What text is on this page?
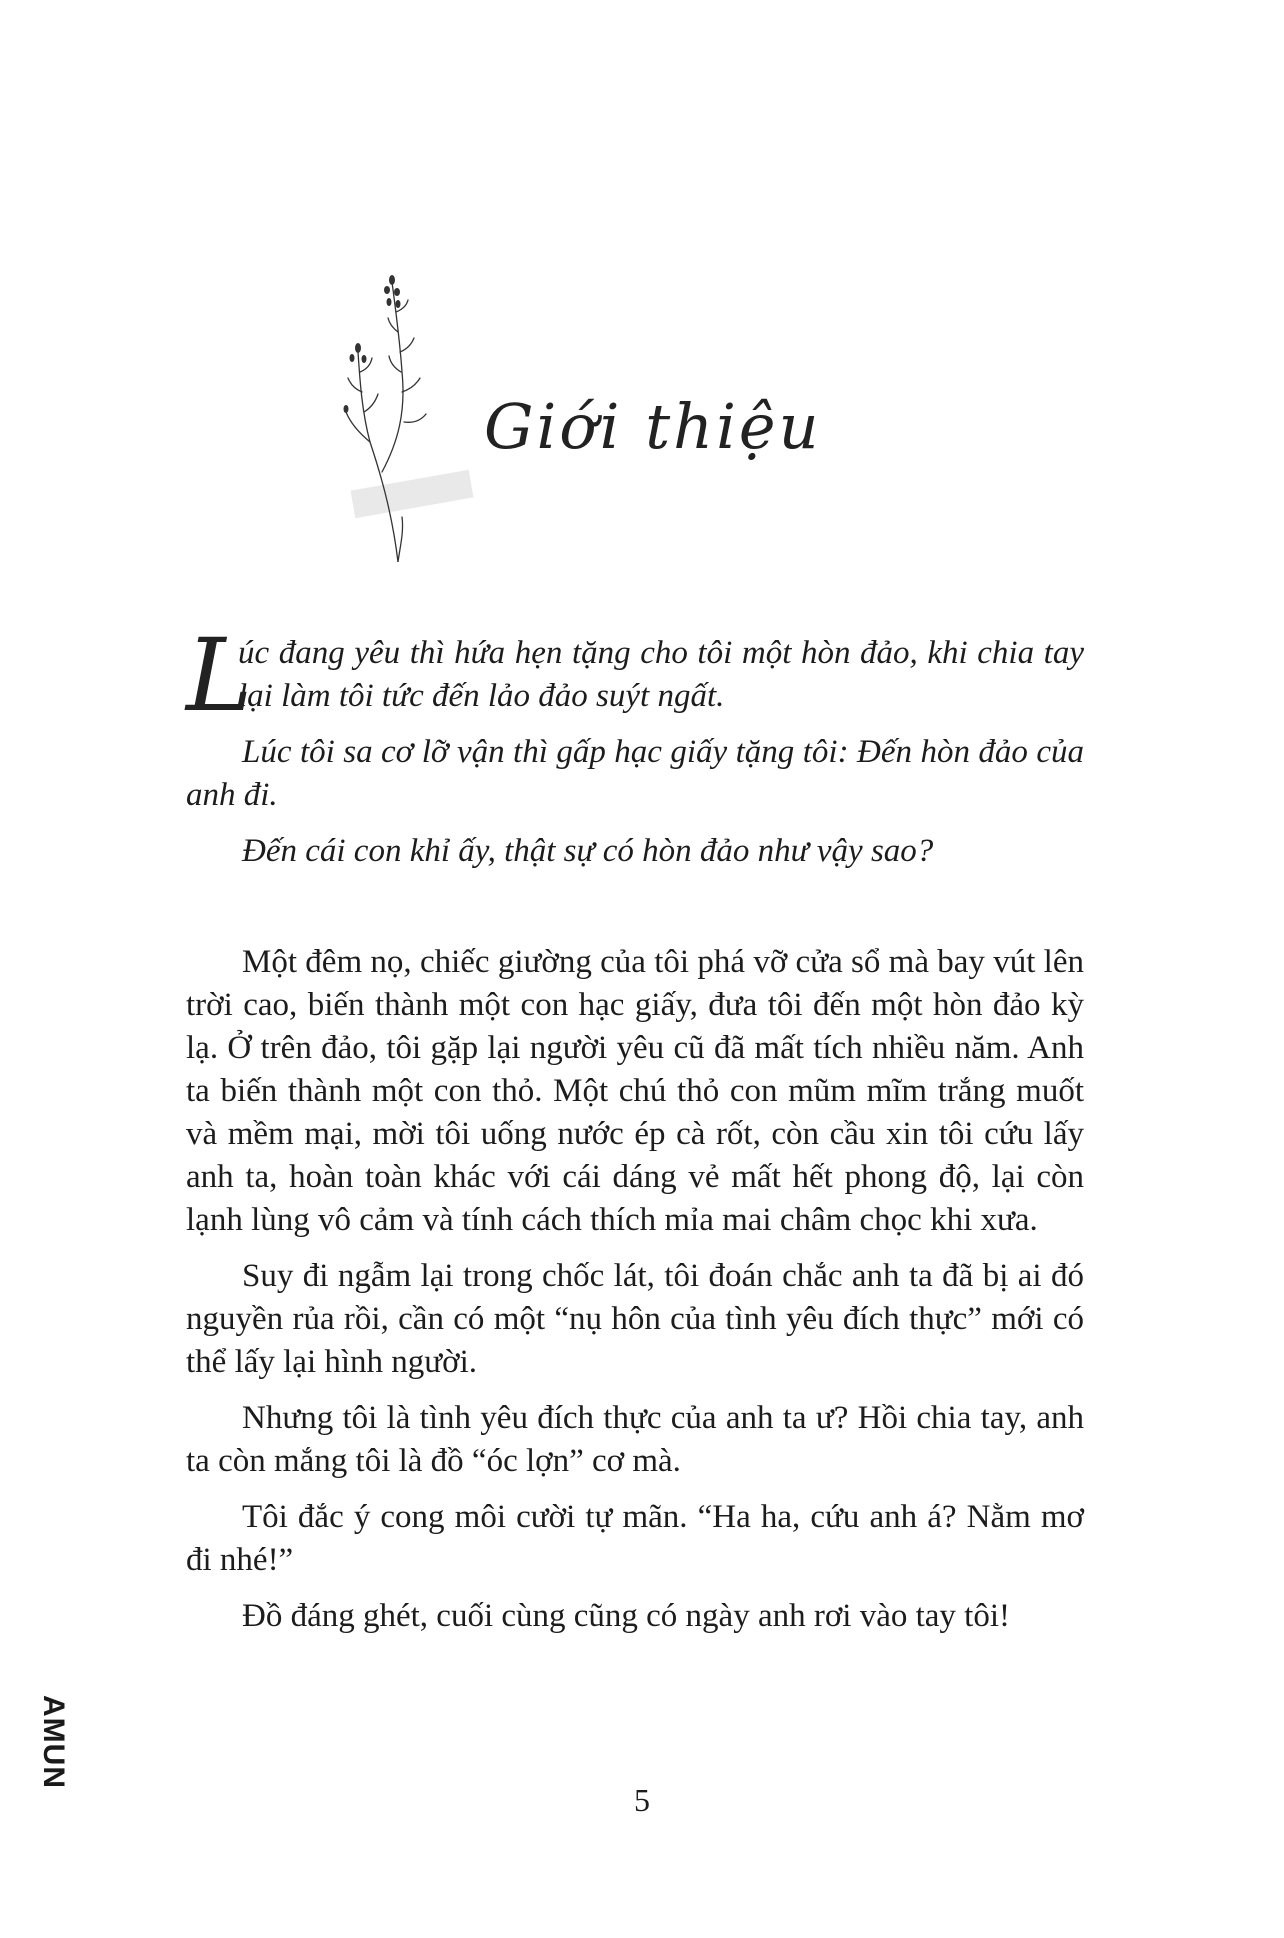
Giới thiệu

L
úc đang yêu thì hứa hẹn tặng cho tôi một hòn đảo, khi chia tay lại làm tôi tức đến lảo đảo suýt ngất.

Lúc tôi sa cơ lỡ vận thì gấp hạc giấy tặng tôi: Đến hòn đảo của anh đi.

Đến cái con khỉ ấy, thật sự có hòn đảo như vậy sao?

Một đêm nọ, chiếc giường của tôi phá vỡ cửa sổ mà bay vút lên trời cao, biến thành một con hạc giấy, đưa tôi đến một hòn đảo kỳ lạ. Ở trên đảo, tôi gặp lại người yêu cũ đã mất tích nhiều năm. Anh ta biến thành một con thỏ. Một chú thỏ con mũm mĩm trắng muốt và mềm mại, mời tôi uống nước ép cà rốt, còn cầu xin tôi cứu lấy anh ta, hoàn toàn khác với cái dáng vẻ mất hết phong độ, lại còn lạnh lùng vô cảm và tính cách thích mỉa mai châm chọc khi xưa.

Suy đi ngẫm lại trong chốc lát, tôi đoán chắc anh ta đã bị ai đó nguyền rủa rồi, cần có một “nụ hôn của tình yêu đích thực” mới có thể lấy lại hình người.

Nhưng tôi là tình yêu đích thực của anh ta ư? Hồi chia tay, anh ta còn mắng tôi là đồ “óc lợn” cơ mà.

Tôi đắc ý cong môi cười tự mãn. “Ha ha, cứu anh á? Nằm mơ đi nhé!”

Đồ đáng ghét, cuối cùng cũng có ngày anh rơi vào tay tôi!

AMUN
5
